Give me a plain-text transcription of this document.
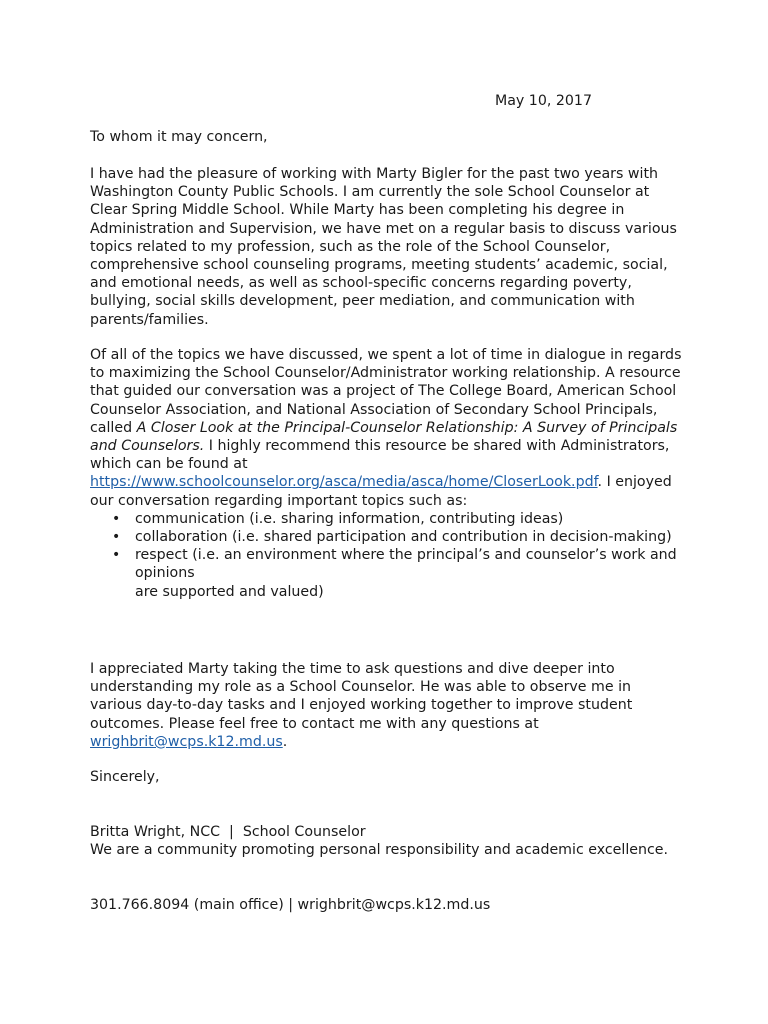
May 10, 2017

To whom it may concern,

I have had the pleasure of working with Marty Bigler for the past two years with Washington County Public Schools. I am currently the sole School Counselor at Clear Spring Middle School. While Marty has been completing his degree in Administration and Supervision, we have met on a regular basis to discuss various topics related to my profession, such as the role of the School Counselor, comprehensive school counseling programs, meeting students’ academic, social, and emotional needs, as well as school-specific concerns regarding poverty, bullying, social skills development, peer mediation, and communication with parents/families.

Of all of the topics we have discussed, we spent a lot of time in dialogue in regards to maximizing the School Counselor/Administrator working relationship. A resource that guided our conversation was a project of The College Board, American School Counselor Association, and National Association of Secondary School Principals, called A Closer Look at the Principal-Counselor Relationship: A Survey of Principals and Counselors. I highly recommend this resource be shared with Administrators, which can be found at https://www.schoolcounselor.org/asca/media/asca/home/CloserLook.pdf. I enjoyed our conversation regarding important topics such as:

• communication (i.e. sharing information, contributing ideas)
• collaboration (i.e. shared participation and contribution in decision-making)
• respect (i.e. an environment where the principal’s and counselor’s work and opinions
are supported and valued)

I appreciated Marty taking the time to ask questions and dive deeper into understanding my role as a School Counselor. He was able to observe me in various day-to-day tasks and I enjoyed working together to improve student outcomes. Please feel free to contact me with any questions at wrighbrit@wcps.k12.md.us.

Sincerely,

Britta Wright, NCC  |  School Counselor

We are a community promoting personal responsibility and academic excellence.

301.766.8094 (main office) | wrighbrit@wcps.k12.md.us
